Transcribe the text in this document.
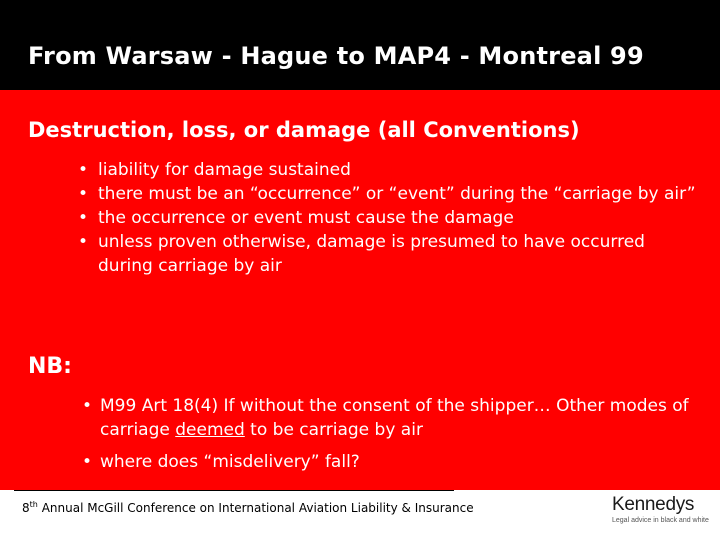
From Warsaw - Hague to MAP4 - Montreal 99
Destruction, loss, or damage (all Conventions)
• liability for damage sustained
• there must be an “occurrence” or “event” during the “carriage by air”
• the occurrence or event must cause the damage
• unless proven otherwise, damage is presumed to have occurred during carriage by air
NB:
• M99 Art 18(4) If without the consent of the shipper… Other modes of carriage deemed to be carriage by air
• where does “misdelivery” fall?
8th Annual McGill Conference on International Aviation Liability & Insurance	Kennedys
Legal advice in black and white
